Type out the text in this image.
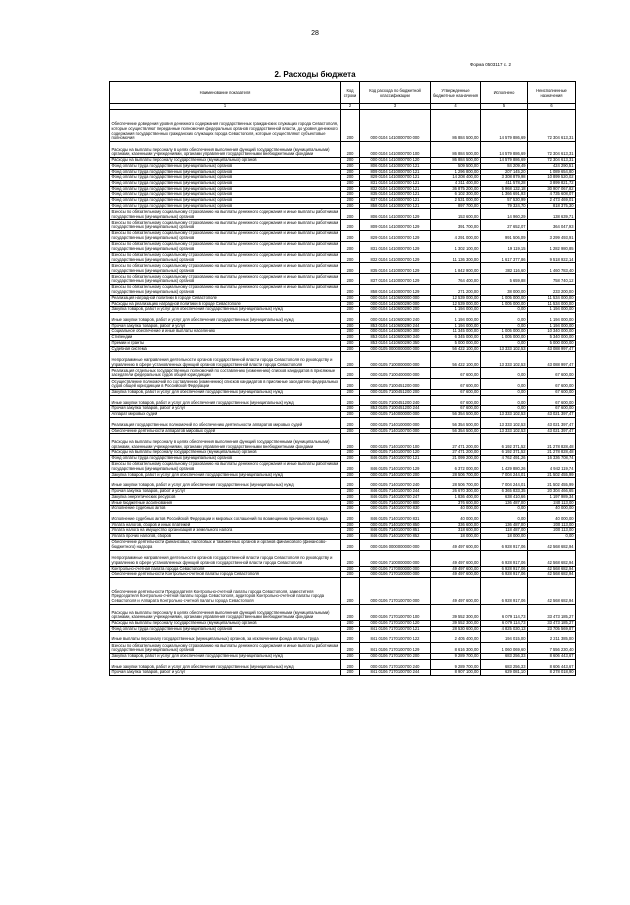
28
Форма 0503117 с. 2
2. Расходы бюджета
Наименование показателя	Код строки	Код расхода по бюджетной классификации	Утвержденные бюджетные назначения	Исполнено	Неисполненные назначения
1	2	3	4	5	6
Обеспечение доведения уровня денежного содержания государственных гражданских служащих города Севастополя, которые осуществляют переданные полномочия федеральных органов государственной власти, до уровня денежного содержания государственных гражданских служащих города Севастополя, которые осуществляют субъектовые полномочия	200	000 0104 1410000700 000	86 884 500,00	14 579 886,69	72 304 613,31
Расходы на выплаты персоналу в целях обеспечения выполнения функций государственными (муниципальными) органами, казенными учреждениями, органами управления государственными внебюджетными фондами	200	000 0104 1410000700 100	86 884 500,00	14 579 886,69	72 304 613,31
Расходы на выплаты персоналу государственных (муниципальных) органов	200	000 0104 1410000700 120	86 884 500,00	14 579 886,69	72 304 613,31
Фонд оплаты труда государственных (муниципальных) органов	200	806 0104 1410000700 121	509 500,00	84 209,49	424 290,51
Фонд оплаты труда государственных (муниципальных) органов	200	809 0104 1410000700 121	1 296 800,00	207 145,20	1 089 654,80
Фонд оплаты труда государственных (муниципальных) органов	200	829 0104 1410000700 121	14 208 400,00	3 308 879,98	10 899 520,02
Фонд оплаты труда государственных (муниципальных) органов	200	831 0104 1410000700 121	4 311 400,00	411 578,28	3 899 821,72
Фонд оплаты труда государственных (муниципальных) органов	200	832 0104 1410000700 121	36 875 200,00	5 968 132,18	30 907 067,82
Фонд оплаты труда государственных (муниципальных) органов	200	835 0104 1410000700 121	6 102 300,00	1 366 691,93	4 735 608,07
Фонд оплаты труда государственных (муниципальных) органов	200	837 0104 1410000700 121	2 531 000,00	57 530,99	2 473 469,01
Фонд оплаты труда государственных (муниципальных) органов	200	858 0104 1410000700 121	897 700,00	79 324,70	818 375,30
Взносы по обязательному социальному страхованию на выплаты денежного содержания и иные выплаты работникам государственных (муниципальных) органов	200	806 0104 1410000700 129	153 600,00	14 960,29	138 639,71
Взносы по обязательному социальному страхованию на выплаты денежного содержания и иные выплаты работникам государственных (муниципальных) органов	200	809 0104 1410000700 129	391 700,00	27 652,07	364 047,93
Взносы по обязательному социальному страхованию на выплаты денежного содержания и иные выплаты работникам государственных (муниципальных) органов	200	829 0104 1410000700 129	4 291 000,00	991 506,09	3 299 493,91
Взносы по обязательному социальному страхованию на выплаты денежного содержания и иные выплаты работникам государственных (муниципальных) органов	200	831 0104 1410000700 129	1 302 100,00	19 119,15	1 282 980,85
Взносы по обязательному социальному страхованию на выплаты денежного содержания и иные выплаты работникам государственных (муниципальных) органов	200	832 0104 1410000700 129	11 136 300,00	1 617 377,86	9 518 922,14
Взносы по обязательному социальному страхованию на выплаты денежного содержания и иные выплаты работникам государственных (муниципальных) органов	200	835 0104 1410000700 129	1 842 900,00	382 116,60	1 460 783,40
Взносы по обязательному социальному страхованию на выплаты денежного содержания и иные выплаты работникам государственных (муниципальных) органов	200	837 0104 1410000700 129	764 400,00	5 659,88	758 740,12
Взносы по обязательному социальному страхованию на выплаты денежного содержания и иные выплаты работникам государственных (муниципальных) органов	200	858 0104 1410000700 129	271 200,00	38 000,00	233 200,00
Реализация наградной политики в городе Севастополе	200	000 0104 1410600000 000	12 539 000,00	1 005 000,00	11 534 000,00
Расходы на реализацию наградной политики в городе Севастополе	200	000 0104 1410600290 000	12 539 000,00	1 005 000,00	11 534 000,00
Закупка товаров, работ и услуг для обеспечения государственных (муниципальных) нужд	200	000 0104 1410600290 200	1 194 000,00	0,00	1 194 000,00
Иные закупки товаров, работ и услуг для обеспечения государственных (муниципальных) нужд	200	000 0104 1410600290 240	1 194 000,00	0,00	1 194 000,00
Прочая закупка товаров, работ и услуг	200	853 0104 1410600290 244	1 194 000,00	0,00	1 194 000,00
Социальное обеспечение и иные выплаты населению	200	000 0104 1410600290 300	11 345 000,00	1 005 000,00	10 340 000,00
Стипендии	200	853 0104 1410600290 340	6 345 000,00	1 005 000,00	5 340 000,00
Премии и гранты	200	853 0104 1410600290 350	5 000 000,00	0,00	5 000 000,00
Судебная система	200	000 0105 0000000000 000	56 422 100,00	13 333 102,53	43 088 997,47
Непрограммные направления деятельности органов государственной власти города Севастополя по руководству и управлению в сфере установленных функций органов государственной власти города Севастополя	200	000 0105 7100000000 000	56 422 100,00	13 333 102,53	43 088 997,47
Реализация отдельных государственных полномочий по составлению (изменению) списков кандидатов в присяжные заседатели федеральных судов общей юрисдикции	200	000 0105 7100400000 000	67 600,00	0,00	67 600,00
Осуществление полномочий по составлению (изменению) списков кандидатов в присяжные заседатели федеральных судов общей юрисдикции в Российской Федерации	200	000 0105 7100451200 000	67 600,00	0,00	67 600,00
Закупка товаров, работ и услуг для обеспечения государственных (муниципальных) нужд	200	000 0105 7100451200 200	67 600,00	0,00	67 600,00
Иные закупки товаров, работ и услуг для обеспечения государственных (муниципальных) нужд	200	000 0105 7100451200 240	67 600,00	0,00	67 600,00
Прочая закупка товаров, работ и услуг	200	853 0105 7100451200 244	67 600,00	0,00	67 600,00
Аппарат мировых судей	200	000 0105 7140000000 000	56 354 500,00	13 333 102,53	43 021 397,47
Реализация государственных полномочий по обеспечению деятельности аппаратов мировых судей	200	000 0105 7140100000 000	56 354 500,00	13 333 102,53	43 021 397,47
Обеспечение деятельности аппаратов мировых судей	200	000 0105 7140100700 000	56 354 500,00	13 333 102,53	43 021 397,47
Расходы на выплаты персоналу в целях обеспечения выполнения функций государственными (муниципальными) органами, казенными учреждениями, органами управления государственными внебюджетными фондами	200	000 0105 7140100700 100	27 471 200,00	6 192 371,52	21 278 828,48
Расходы на выплаты персоналу государственных (муниципальных) органов	200	000 0105 7140100700 120	27 471 200,00	6 192 371,52	21 278 828,48
Фонд оплаты труда государственных (муниципальных) органов	200	846 0105 7140100700 121	21 099 200,00	4 762 491,26	16 336 708,74
Взносы по обязательному социальному страхованию на выплаты денежного содержания и иные выплаты работникам государственных (муниципальных) органов	200	846 0105 7140100700 129	6 372 000,00	1 429 880,26	4 942 119,74
Закупка товаров, работ и услуг для обеспечения государственных (муниципальных) нужд	200	000 0105 7140100700 200	28 506 700,00	7 004 244,01	21 502 455,99
Иные закупки товаров, работ и услуг для обеспечения государственных (муниципальных) нужд	200	000 0105 7140100700 240	28 506 700,00	7 004 244,01	21 502 455,99
Прочая закупка товаров, работ и услуг	200	846 0105 7140100700 244	26 670 300,00	6 365 833,35	20 304 466,65
Закупка энергетических ресурсов	200	846 0105 7140100700 247	1 836 400,00	638 410,66	1 197 989,34
Иные бюджетные ассигнования	200	000 0105 7140100700 800	376 600,00	136 487,00	240 113,00
Исполнение судебных актов	200	000 0105 7140100700 830	40 000,00	0,00	40 000,00
Исполнение судебных актов Российской Федерации и мировых соглашений по возмещению причиненного вреда	200	846 0105 7140100700 831	40 000,00	0,00	40 000,00
Уплата налогов, сборов и иных платежей	200	000 0105 7140100700 850	336 600,00	136 487,00	200 113,00
Уплата налога на имущество организаций и земельного налога	200	846 0105 7140100700 851	318 600,00	118 487,00	200 113,00
Уплата прочих налогов, сборов	200	846 0105 7140100700 852	18 000,00	18 000,00	0,00
Обеспечение деятельности финансовых, налоговых и таможенных органов и органов финансового (финансово-бюджетного) надзора	200	000 0106 0000000000 000	49 497 600,00	6 928 917,06	42 568 682,94
Непрограммные направления деятельности органов государственной власти города Севастополя по руководству и управлению в сфере установленных функций органов государственной власти города Севастополя	200	000 0106 7100000000 000	49 497 600,00	6 928 917,06	42 568 682,94
Контрольно-счетная палата города Севастополя	200	000 0106 7170000000 000	49 497 600,00	6 928 917,06	42 568 682,94
Обеспечение деятельности Контрольно-счетной палаты города Севастополя	200	000 0106 7170100000 000	49 497 600,00	6 928 917,06	42 568 682,94
Обеспечение деятельности Председателя Контрольно-счетной палаты города Севастополя, заместителя Председателя Контрольно-счетной палаты города Севастополя, аудиторов Контрольно-счетной палаты города Севастополя и Аппарата Контрольно-счетной палаты города Севастополя	200	000 0106 7170100700 000	49 497 600,00	6 928 917,06	42 568 682,94
Расходы на выплаты персоналу в целях обеспечения выполнения функций государственными (муниципальными) органами, казенными учреждениями, органами управления государственными внебюджетными фондами	200	000 0106 7170100700 100	39 552 300,00	6 079 114,73	33 473 185,27
Расходы на выплаты персоналу государственных (муниципальных) органов	200	000 0106 7170100700 120	39 552 300,00	6 079 114,73	33 473 185,27
Фонд оплаты труда государственных (муниципальных) органов	200	841 0106 7170100700 121	28 530 600,00	4 825 030,13	23 705 569,87
Иные выплаты персоналу государственных (муниципальных) органов, за исключением фонда оплаты труда	200	841 0106 7170100700 122	2 405 400,00	194 015,00	2 211 385,00
Взносы по обязательному социальному страхованию на выплаты денежного содержания и иные выплаты работникам государственных (муниципальных) органов	200	841 0106 7170100700 129	8 616 300,00	1 060 069,60	7 556 230,40
Закупка товаров, работ и услуг для обеспечения государственных (муниципальных) нужд	200	000 0106 7170100700 200	9 289 700,00	683 256,33	8 606 443,67
Иные закупки товаров, работ и услуг для обеспечения государственных (муниципальных) нужд	200	000 0106 7170100700 240	9 289 700,00	683 256,33	8 606 443,67
Прочая закупка товаров, работ и услуг	200	841 0106 7170100700 244	8 907 100,00	629 081,10	8 278 018,90
